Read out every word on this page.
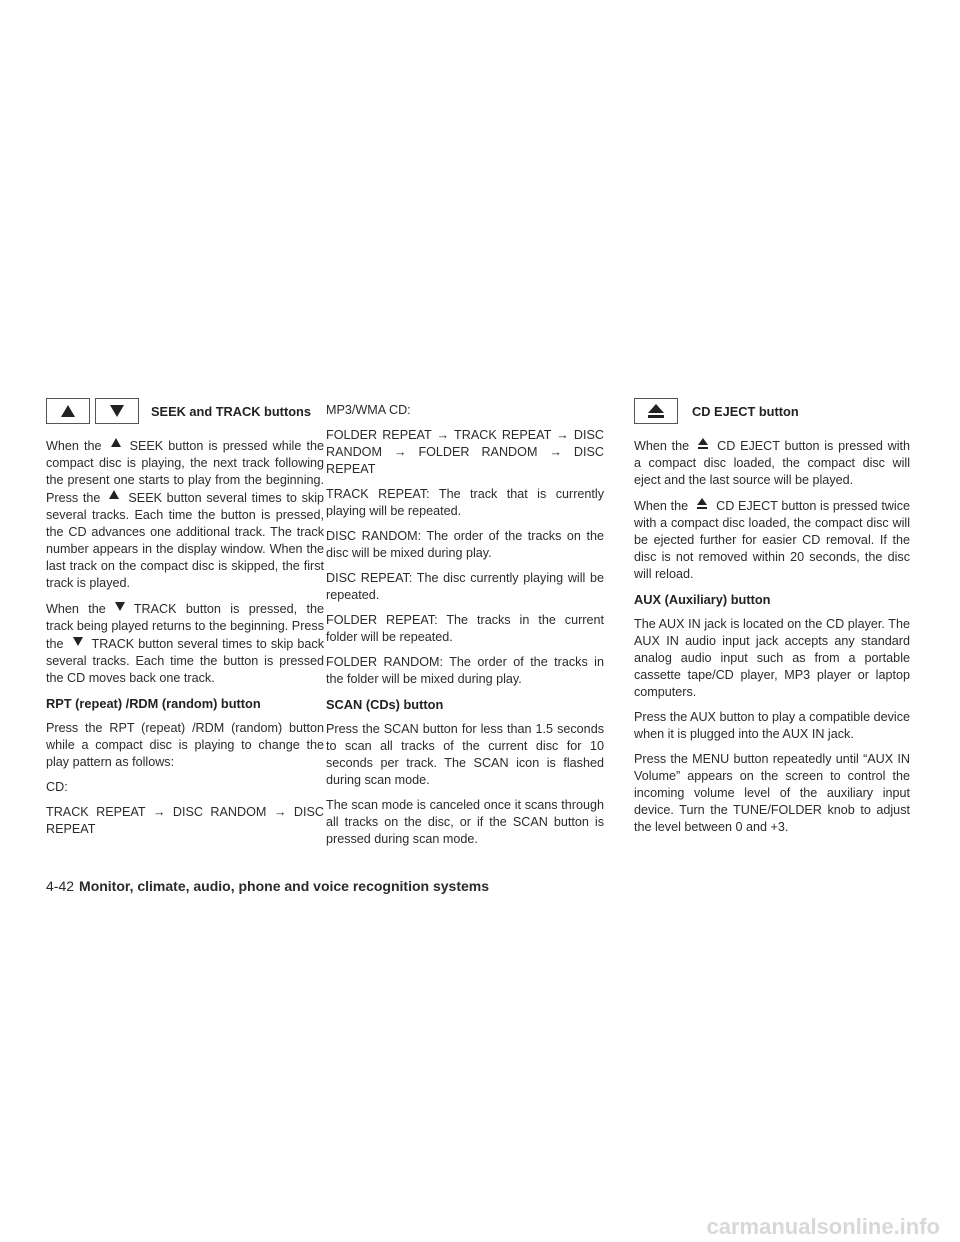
SEEK and TRACK buttons

When the SEEK button is pressed while the compact disc is playing, the next track following the present one starts to play from the beginning. Press the SEEK button several times to skip several tracks. Each time the button is pressed, the CD advances one additional track. The track number appears in the display window. When the last track on the compact disc is skipped, the first track is played.

When the TRACK button is pressed, the track being played returns to the beginning. Press the TRACK button several times to skip back several tracks. Each time the button is pressed the CD moves back one track.

RPT (repeat) /RDM (random) button

Press the RPT (repeat) /RDM (random) button while a compact disc is playing to change the play pattern as follows:

CD:

TRACK REPEAT → DISC RANDOM → DISC REPEAT

MP3/WMA CD:

FOLDER REPEAT → TRACK REPEAT → DISC RANDOM → FOLDER RANDOM → DISC REPEAT

TRACK REPEAT: The track that is currently playing will be repeated.

DISC RANDOM: The order of the tracks on the disc will be mixed during play.

DISC REPEAT: The disc currently playing will be repeated.

FOLDER REPEAT: The tracks in the current folder will be repeated.

FOLDER RANDOM: The order of the tracks in the folder will be mixed during play.

SCAN (CDs) button

Press the SCAN button for less than 1.5 seconds to scan all tracks of the current disc for 10 seconds per track. The SCAN icon is flashed during scan mode.

The scan mode is canceled once it scans through all tracks on the disc, or if the SCAN button is pressed during scan mode.

CD EJECT button

When the CD EJECT button is pressed with a compact disc loaded, the compact disc will eject and the last source will be played.

When the CD EJECT button is pressed twice with a compact disc loaded, the compact disc will be ejected further for easier CD removal. If the disc is not removed within 20 seconds, the disc will reload.

AUX (Auxiliary) button

The AUX IN jack is located on the CD player. The AUX IN audio input jack accepts any standard analog audio input such as from a portable cassette tape/CD player, MP3 player or laptop computers.

Press the AUX button to play a compatible device when it is plugged into the AUX IN jack.

Press the MENU button repeatedly until “AUX IN Volume” appears on the screen to control the incoming volume level of the auxiliary input device. Turn the TUNE/FOLDER knob to adjust the level between 0 and +3.

4-42 Monitor, climate, audio, phone and voice recognition systems
carmanualsonline.info
